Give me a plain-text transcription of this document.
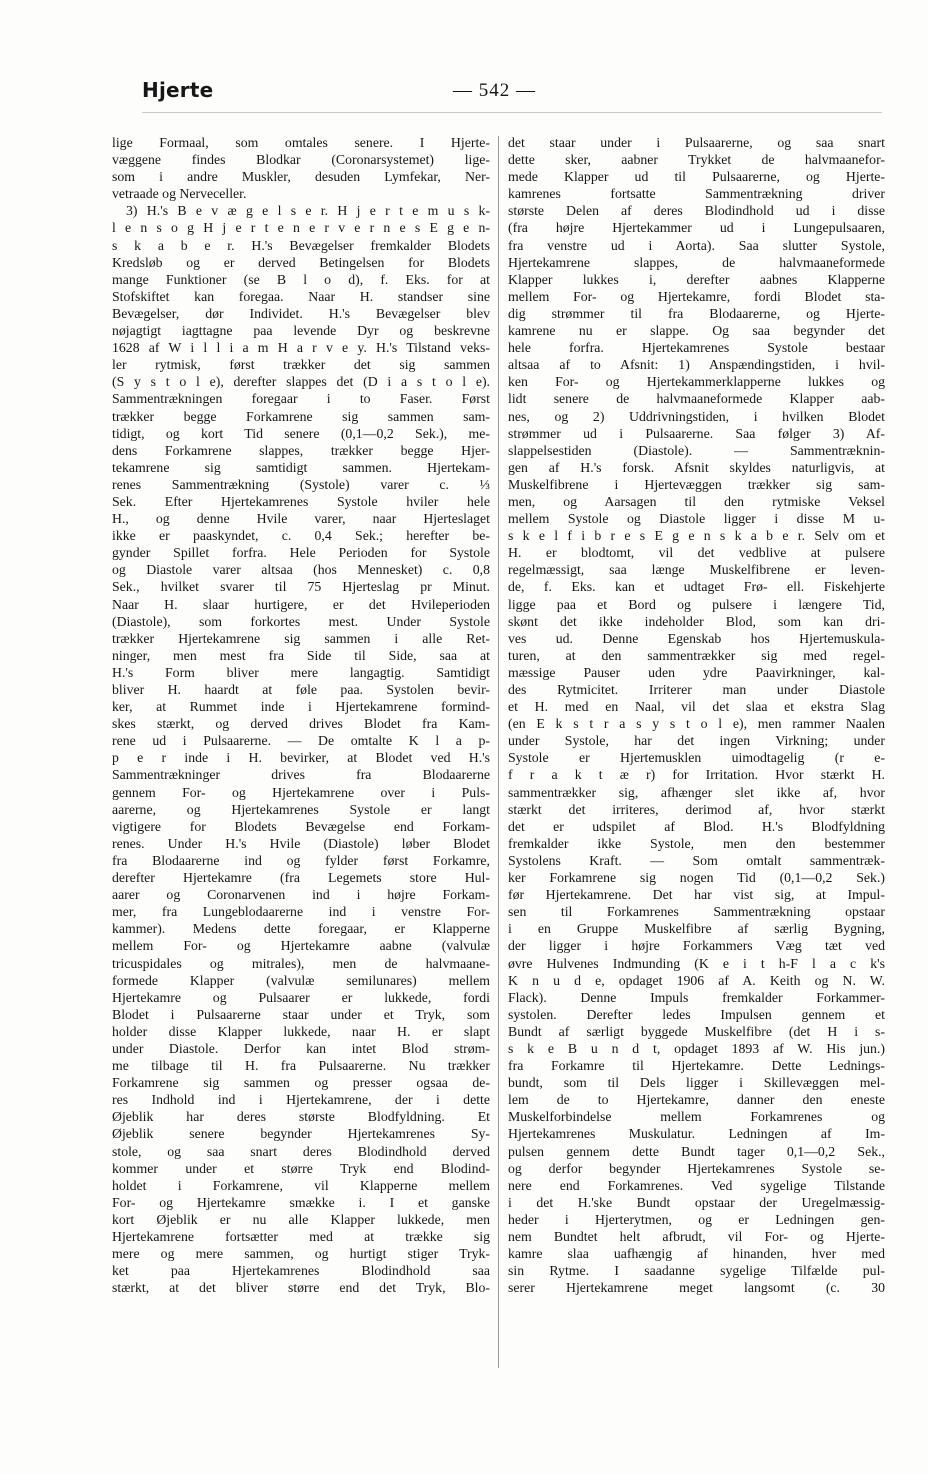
Hjerte	— 542 —
lige Formaal, som omtales senere. I Hjerte-
væggene findes Blodkar (Coronarsystemet) lige-
som i andre Muskler, desuden Lymfekar, Ner-
vetraade og Nerveceller.
3) H.'s B e v æ g e l s e r. H j e r t e m u s k-
l e n s o g H j e r t e n e r v e r n e s E g e n-
s k a b e r. H.'s Bevægelser fremkalder Blodets
Kredsløb og er derved Betingelsen for Blodets
mange Funktioner (se B l o d), f. Eks. for at
Stofskiftet kan foregaa. Naar H. standser sine
Bevægelser, dør Individet. H.'s Bevægelser blev
nøjagtigt iagttagne paa levende Dyr og beskrevne
1628 af W i l l i a m H a r v e y. H.'s Tilstand veks-
ler rytmisk, først trækker det sig sammen
(S y s t o l e), derefter slappes det (D i a s t o l e).
Sammentrækningen foregaar i to Faser. Først
trækker begge Forkamrene sig sammen sam-
tidigt, og kort Tid senere (0,1—0,2 Sek.), me-
dens Forkamrene slappes, trækker begge Hjer-
tekamrene sig samtidigt sammen. Hjertekam-
renes Sammentrækning (Systole) varer c. ⅓
Sek. Efter Hjertekamrenes Systole hviler hele
H., og denne Hvile varer, naar Hjerteslaget
ikke er paaskyndet, c. 0,4 Sek.; herefter be-
gynder Spillet forfra. Hele Perioden for Systole
og Diastole varer altsaa (hos Mennesket) c. 0,8
Sek., hvilket svarer til 75 Hjerteslag pr Minut.
Naar H. slaar hurtigere, er det Hvileperioden
(Diastole), som forkortes mest. Under Systole
trækker Hjertekamrene sig sammen i alle Ret-
ninger, men mest fra Side til Side, saa at
H.'s Form bliver mere langagtig. Samtidigt
bliver H. haardt at føle paa. Systolen bevir-
ker, at Rummet inde i Hjertekamrene formind-
skes stærkt, og derved drives Blodet fra Kam-
rene ud i Pulsaarerne. — De omtalte K l a p-
p e r inde i H. bevirker, at Blodet ved H.'s
Sammentrækninger drives fra Blodaarerne
gennem For- og Hjertekamrene over i Puls-
aarerne, og Hjertekamrenes Systole er langt
vigtigere for Blodets Bevægelse end Forkam-
renes. Under H.'s Hvile (Diastole) løber Blodet
fra Blodaarerne ind og fylder først Forkamre,
derefter Hjertekamre (fra Legemets store Hul-
aarer og Coronarvenen ind i højre Forkam-
mer, fra Lungeblodaarerne ind i venstre For-
kammer). Medens dette foregaar, er Klapperne
mellem For- og Hjertekamre aabne (valvulæ
tricuspidales og mitrales), men de halvmaane-
formede Klapper (valvulæ semilunares) mellem
Hjertekamre og Pulsaarer er lukkede, fordi
Blodet i Pulsaarerne staar under et Tryk, som
holder disse Klapper lukkede, naar H. er slapt
under Diastole. Derfor kan intet Blod strøm-
me tilbage til H. fra Pulsaarerne. Nu trækker
Forkamrene sig sammen og presser ogsaa de-
res Indhold ind i Hjertekamrene, der i dette
Øjeblik har deres største Blodfyldning. Et
Øjeblik senere begynder Hjertekamrenes Sy-
stole, og saa snart deres Blodindhold derved
kommer under et større Tryk end Blodind-
holdet i Forkamrene, vil Klapperne mellem
For- og Hjertekamre smække i. I et ganske
kort Øjeblik er nu alle Klapper lukkede, men
Hjertekamrene fortsætter med at trække sig
mere og mere sammen, og hurtigt stiger Tryk-
ket paa Hjertekamrenes Blodindhold saa
stærkt, at det bliver større end det Tryk, Blo-
det staar under i Pulsaarerne, og saa snart
dette sker, aabner Trykket de halvmaanefor-
mede Klapper ud til Pulsaarerne, og Hjerte-
kamrenes fortsatte Sammentrækning driver
største Delen af deres Blodindhold ud i disse
(fra højre Hjertekammer ud i Lungepulsaaren,
fra venstre ud i Aorta). Saa slutter Systole,
Hjertekamrene slappes, de halvmaaneformede
Klapper lukkes i, derefter aabnes Klapperne
mellem For- og Hjertekamre, fordi Blodet sta-
dig strømmer til fra Blodaarerne, og Hjerte-
kamrene nu er slappe. Og saa begynder det
hele forfra. Hjertekamrenes Systole bestaar
altsaa af to Afsnit: 1) Anspændingstiden, i hvil-
ken For- og Hjertekammerklapperne lukkes og
lidt senere de halvmaaneformede Klapper aab-
nes, og 2) Uddrivningstiden, i hvilken Blodet
strømmer ud i Pulsaarerne. Saa følger 3) Af-
slappelsestiden (Diastole). — Sammentræknin-
gen af H.'s forsk. Afsnit skyldes naturligvis, at
Muskelfibrene i Hjertevæggen trækker sig sam-
men, og Aarsagen til den rytmiske Veksel
mellem Systole og Diastole ligger i disse M u-
s k e l f i b r e s E g e n s k a b e r. Selv om et
H. er blodtomt, vil det vedblive at pulsere
regelmæssigt, saa længe Muskelfibrene er leven-
de, f. Eks. kan et udtaget Frø- ell. Fiskehjerte
ligge paa et Bord og pulsere i længere Tid,
skønt det ikke indeholder Blod, som kan dri-
ves ud. Denne Egenskab hos Hjertemuskula-
turen, at den sammentrækker sig med regel-
mæssige Pauser uden ydre Paavirkninger, kal-
des Rytmicitet. Irriterer man under Diastole
et H. med en Naal, vil det slaa et ekstra Slag
(en E k s t r a s y s t o l e), men rammer Naalen
under Systole, har det ingen Virkning; under
Systole er Hjertemusklen uimodtagelig (r e-
f r a k t æ r) for Irritation. Hvor stærkt H.
sammentrækker sig, afhænger slet ikke af, hvor
stærkt det irriteres, derimod af, hvor stærkt
det er udspilet af Blod. H.'s Blodfyldning
fremkalder ikke Systole, men den bestemmer
Systolens Kraft. — Som omtalt sammentræk-
ker Forkamrene sig nogen Tid (0,1—0,2 Sek.)
før Hjertekamrene. Det har vist sig, at Impul-
sen til Forkamrenes Sammentrækning opstaar
i en Gruppe Muskelfibre af særlig Bygning,
der ligger i højre Forkammers Væg tæt ved
øvre Hulvenes Indmunding (K e i t h-F l a c k's
K n u d e, opdaget 1906 af A. Keith og N. W.
Flack). Denne Impuls fremkalder Forkammer-
systolen. Derefter ledes Impulsen gennem et
Bundt af særligt byggede Muskelfibre (det H i s-
s k e B u n d t, opdaget 1893 af W. His jun.)
fra Forkamre til Hjertekamre. Dette Lednings-
bundt, som til Dels ligger i Skillevæggen mel-
lem de to Hjertekamre, danner den eneste
Muskelforbindelse mellem Forkamrenes og
Hjertekamrenes Muskulatur. Ledningen af Im-
pulsen gennem dette Bundt tager 0,1—0,2 Sek.,
og derfor begynder Hjertekamrenes Systole se-
nere end Forkamrenes. Ved sygelige Tilstande
i det H.'ske Bundt opstaar der Uregelmæssig-
heder i Hjerterytmen, og er Ledningen gen-
nem Bundtet helt afbrudt, vil For- og Hjerte-
kamre slaa uafhængig af hinanden, hver med
sin Rytme. I saadanne sygelige Tilfælde pul-
serer Hjertekamrene meget langsomt (c. 30
